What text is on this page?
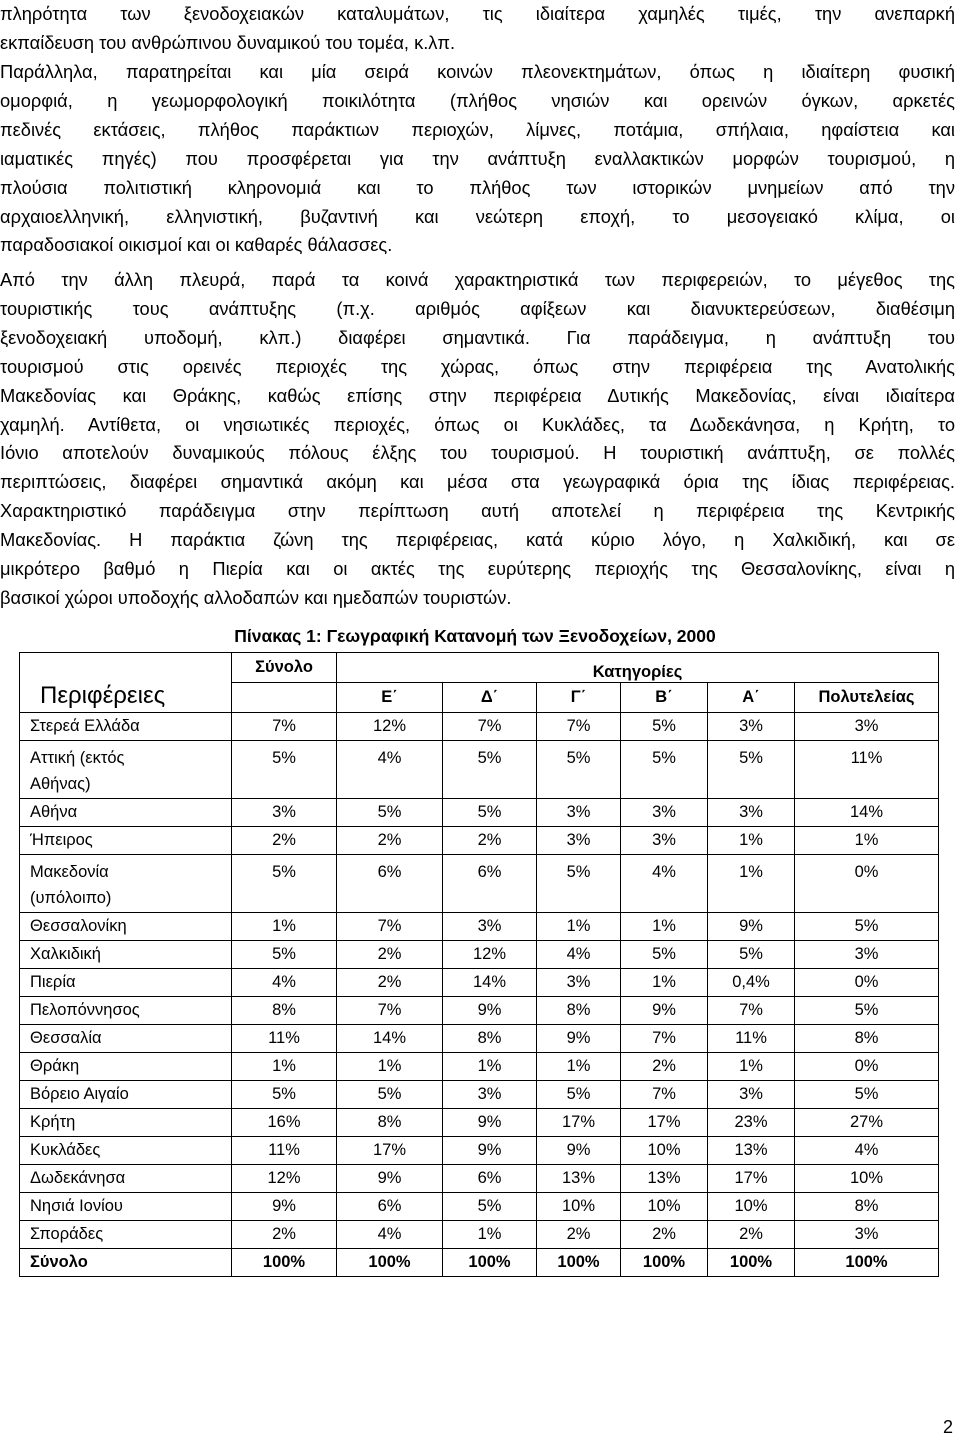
πληρότητα των ξενοδοχειακών καταλυμάτων, τις ιδιαίτερα χαμηλές τιμές, την ανεπαρκή
εκπαίδευση του ανθρώπινου δυναμικού του τομέα, κ.λπ.
Παράλληλα, παρατηρείται και μία σειρά κοινών πλεονεκτημάτων, όπως η ιδιαίτερη φυσική
ομορφιά, η γεωμορφολογική ποικιλότητα (πλήθος νησιών και ορεινών όγκων, αρκετές
πεδινές εκτάσεις, πλήθος παράκτιων περιοχών, λίμνες, ποτάμια, σπήλαια, ηφαίστεια και
ιαματικές πηγές) που προσφέρεται για την ανάπτυξη εναλλακτικών μορφών τουρισμού, η
πλούσια πολιτιστική κληρονομιά και το πλήθος των ιστορικών μνημείων από την
αρχαιοελληνική, ελληνιστική, βυζαντινή και νεώτερη εποχή, το μεσογειακό κλίμα, οι
παραδοσιακοί οικισμοί και οι καθαρές θάλασσες.
Από την άλλη πλευρά, παρά τα κοινά χαρακτηριστικά των περιφερειών, το μέγεθος της
τουριστικής τους ανάπτυξης (π.χ. αριθμός αφίξεων και διανυκτερεύσεων, διαθέσιμη
ξενοδοχειακή υποδομή, κλπ.) διαφέρει σημαντικά. Για παράδειγμα, η ανάπτυξη του
τουρισμού στις ορεινές περιοχές της χώρας, όπως στην περιφέρεια της Ανατολικής
Μακεδονίας και Θράκης, καθώς επίσης στην περιφέρεια Δυτικής Μακεδονίας, είναι ιδιαίτερα
χαμηλή. Αντίθετα, οι νησιωτικές περιοχές, όπως οι Κυκλάδες, τα Δωδεκάνησα, η Κρήτη, το
Ιόνιο αποτελούν δυναμικούς πόλους έλξης του τουρισμού. Η τουριστική ανάπτυξη, σε πολλές
περιπτώσεις, διαφέρει σημαντικά ακόμη και μέσα στα γεωγραφικά όρια της ίδιας περιφέρειας.
Χαρακτηριστικό παράδειγμα στην περίπτωση αυτή αποτελεί η περιφέρεια της Κεντρικής
Μακεδονίας. Η παράκτια ζώνη της περιφέρειας, κατά κύριο λόγο, η Χαλκιδική, και σε
μικρότερο βαθμό η Πιερία και οι ακτές της ευρύτερης περιοχής της Θεσσαλονίκης, είναι η
βασικοί χώροι υποδοχής αλλοδαπών και ημεδαπών τουριστών.
Πίνακας 1: Γεωγραφική Κατανομή των Ξενοδοχείων, 2000
Περιφέρειες	Σύνολο	Κατηγορίες					
		Ε΄	Δ΄	Γ΄	Β΄	Α΄	Πολυτελείας

Στερεά Ελλάδα	7%	12%	7%	7%	5%	3%	3%

Αττική (εκτός
Αθήνας)	5%	4%	5%	5%	5%	5%	11%

Αθήνα	3%	5%	5%	3%	3%	3%	14%

Ήπειρος	2%	2%	2%	3%	3%	1%	1%

Μακεδονία
(υπόλοιπο)	5%	6%	6%	5%	4%	1%	0%

Θεσσαλονίκη	1%	7%	3%	1%	1%	9%	5%

Χαλκιδική	5%	2%	12%	4%	5%	5%	3%

Πιερία	4%	2%	14%	3%	1%	0,4%	0%

Πελοπόννησος	8%	7%	9%	8%	9%	7%	5%

Θεσσαλία	11%	14%	8%	9%	7%	11%	8%

Θράκη	1%	1%	1%	1%	2%	1%	0%

Βόρειο Αιγαίο	5%	5%	3%	5%	7%	3%	5%

Κρήτη	16%	8%	9%	17%	17%	23%	27%

Κυκλάδες	11%	17%	9%	9%	10%	13%	4%

Δωδεκάνησα	12%	9%	6%	13%	13%	17%	10%

Νησιά Ιονίου	9%	6%	5%	10%	10%	10%	8%

Σποράδες	2%	4%	1%	2%	2%	2%	3%
Σύνολο	100%	100%	100%	100%	100%	100%	100%
2
